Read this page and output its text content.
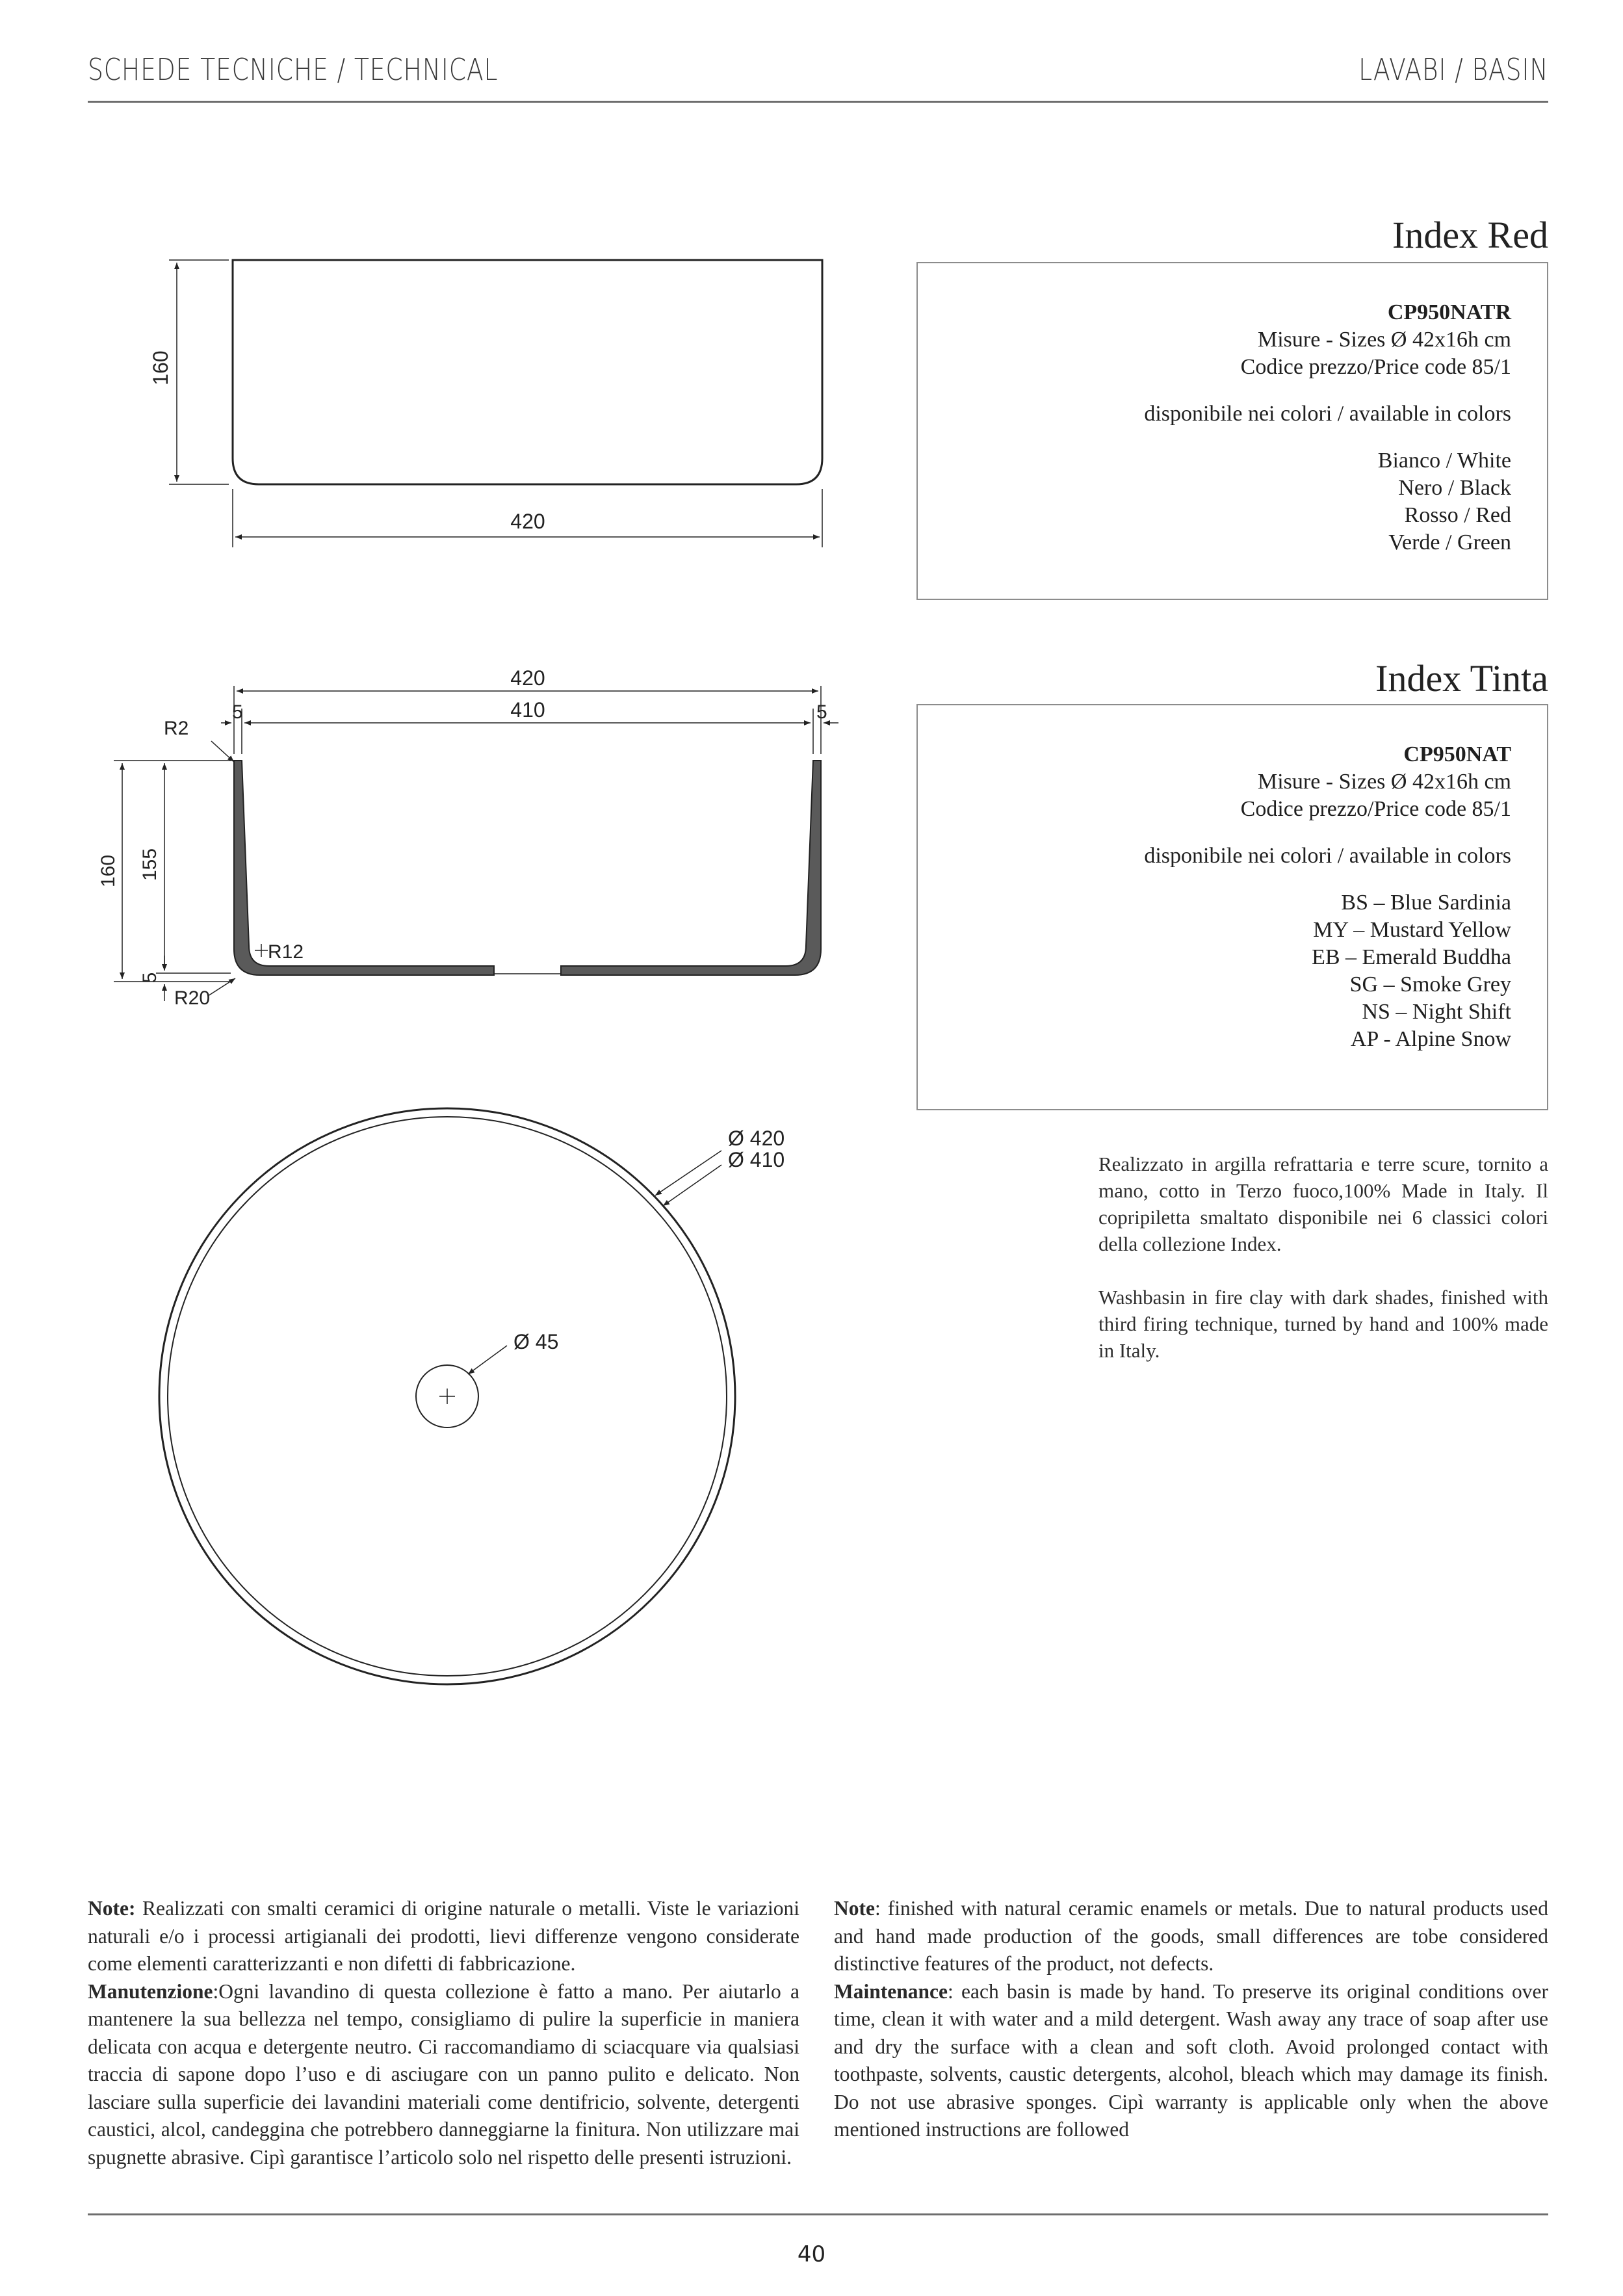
SCHEDE TECNICHE / TECHNICAL	LAVABI / BASIN
Index Red
CP950NATR
Misure - Sizes Ø 42x16h cm
Codice prezzo/Price code 85/1
disponibile nei colori / available in colors
Bianco / White
Nero / Black
Rosso / Red
Verde / Green
Index Tinta
CP950NAT
Misure - Sizes Ø 42x16h cm
Codice prezzo/Price code 85/1
disponibile nei colori / available in colors
BS – Blue Sardinia
MY – Mustard Yellow
EB – Emerald Buddha
SG – Smoke Grey
NS – Night Shift
AP - Alpine Snow
Realizzato in argilla refrattaria e terre scure, tornito a mano, cotto in Terzo fuoco,100% Made in Italy. Il copripiletta smaltato disponibile nei 6 classici colori della collezione Index.
Washbasin in fire clay with dark shades, finished with third firing technique, turned by hand and 100% made in Italy.
160
420
420
410
5	5
R2
160 155
5
R12
R20
Ø 420
Ø 410
Ø 45
Note: Realizzati con smalti ceramici di origine naturale o metalli. Viste le variazioni naturali e/o i processi artigianali dei prodotti, lievi differenze vengono considerate come elementi caratterizzanti e non difetti di fabbricazione.
Manutenzione:Ogni lavandino di questa collezione è fatto a mano. Per aiutarlo a mantenere la sua bellezza nel tempo, consigliamo di pulire la superficie in maniera delicata con acqua e detergente neutro. Ci raccomandiamo di sciacquare via qualsiasi traccia di sapone dopo l’uso e di asciugare con un panno pulito e delicato. Non lasciare sulla superficie dei lavandini materiali come dentifricio, solvente, detergenti caustici, alcol, candeggina che potrebbero danneggiarne la finitura. Non utilizzare mai spugnette abrasive. Cipì garantisce l’articolo solo nel rispetto delle presenti istruzioni.
Note: finished with natural ceramic enamels or metals. Due to natural products used and hand made production of the goods, small differences are tobe considered distinctive features of the product, not defects.
Maintenance: each basin is made by hand. To preserve its original conditions over time, clean it with water and a mild detergent. Wash away any trace of soap after use and dry the surface with a clean and soft cloth. Avoid prolonged contact with toothpaste, solvents, caustic detergents, alcohol, bleach which may damage its finish. Do not use abrasive sponges. Cipì warranty is applicable only when the above mentioned instructions are followed
40
